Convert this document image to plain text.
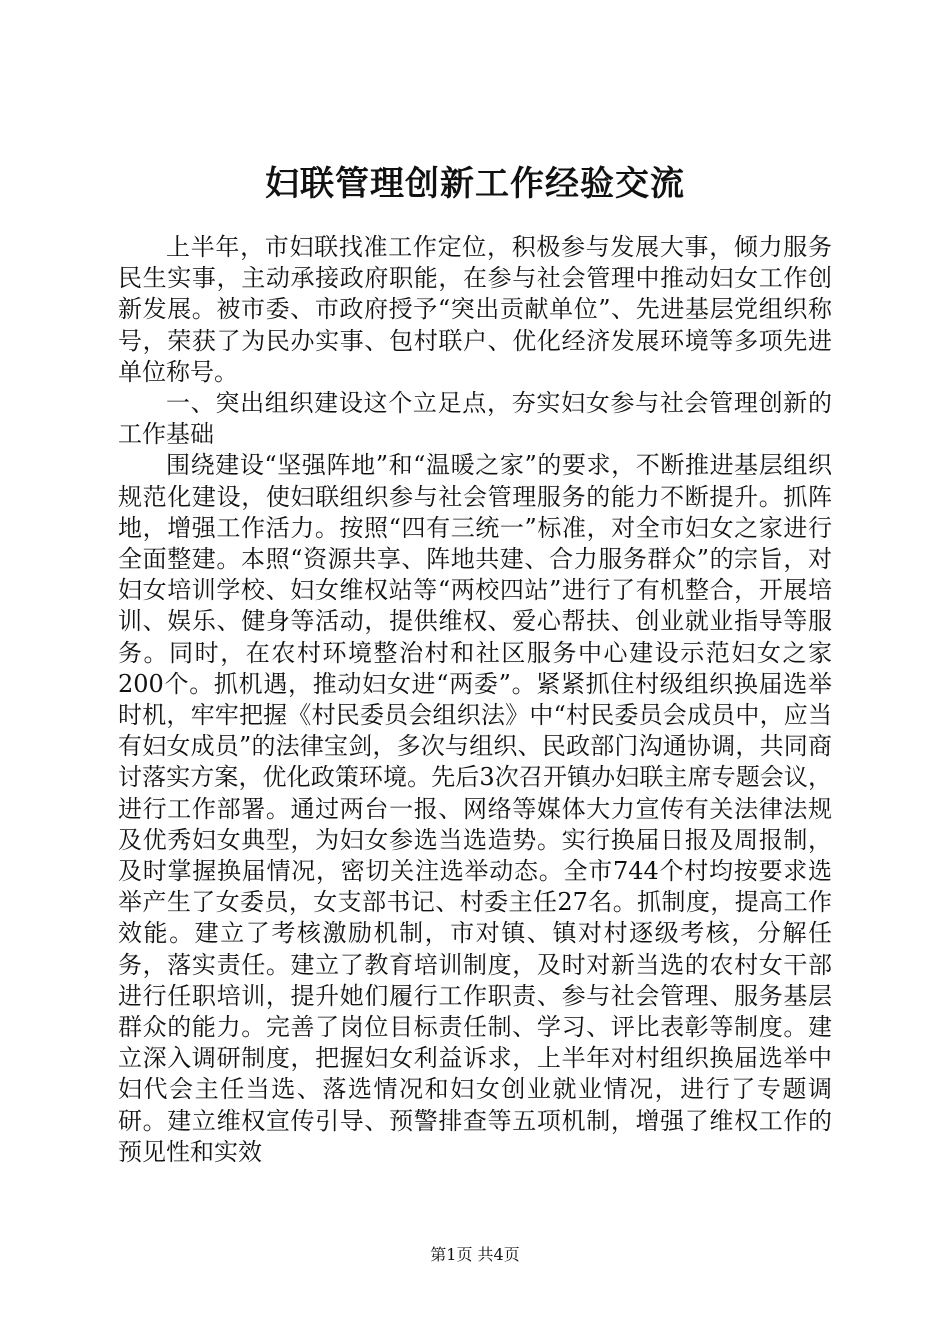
妇联管理创新工作经验交流

上半年，市妇联找准工作定位，积极参与发展大事，倾力服务民生实事，主动承接政府职能，在参与社会管理中推动妇女工作创新发展。被市委、市政府授予“突出贡献单位”、先进基层党组织称号，荣获了为民办实事、包村联户、优化经济发展环境等多项先进单位称号。

一、突出组织建设这个立足点，夯实妇女参与社会管理创新的工作基础

围绕建设“坚强阵地”和“温暖之家”的要求，不断推进基层组织规范化建设，使妇联组织参与社会管理服务的能力不断提升。抓阵地，增强工作活力。按照“四有三统一”标准，对全市妇女之家进行全面整建。本照“资源共享、阵地共建、合力服务群众”的宗旨，对妇女培训学校、妇女维权站等“两校四站”进行了有机整合，开展培训、娱乐、健身等活动，提供维权、爱心帮扶、创业就业指导等服务。同时，在农村环境整治村和社区服务中心建设示范妇女之家200个。抓机遇，推动妇女进“两委”。紧紧抓住村级组织换届选举时机，牢牢把握《村民委员会组织法》中“村民委员会成员中，应当有妇女成员”的法律宝剑，多次与组织、民政部门沟通协调，共同商讨落实方案，优化政策环境。先后3次召开镇办妇联主席专题会议，进行工作部署。通过两台一报、网络等媒体大力宣传有关法律法规及优秀妇女典型，为妇女参选当选造势。实行换届日报及周报制，及时掌握换届情况，密切关注选举动态。全市744个村均按要求选举产生了女委员，女支部书记、村委主任27名。抓制度，提高工作效能。建立了考核激励机制，市对镇、镇对村逐级考核，分解任务，落实责任。建立了教育培训制度，及时对新当选的农村女干部进行任职培训，提升她们履行工作职责、参与社会管理、服务基层群众的能力。完善了岗位目标责任制、学习、评比表彰等制度。建立深入调研制度，把握妇女利益诉求，上半年对村组织换届选举中妇代会主任当选、落选情况和妇女创业就业情况，进行了专题调研。建立维权宣传引导、预警排查等五项机制，增强了维权工作的预见性和实效

第1页 共4页
